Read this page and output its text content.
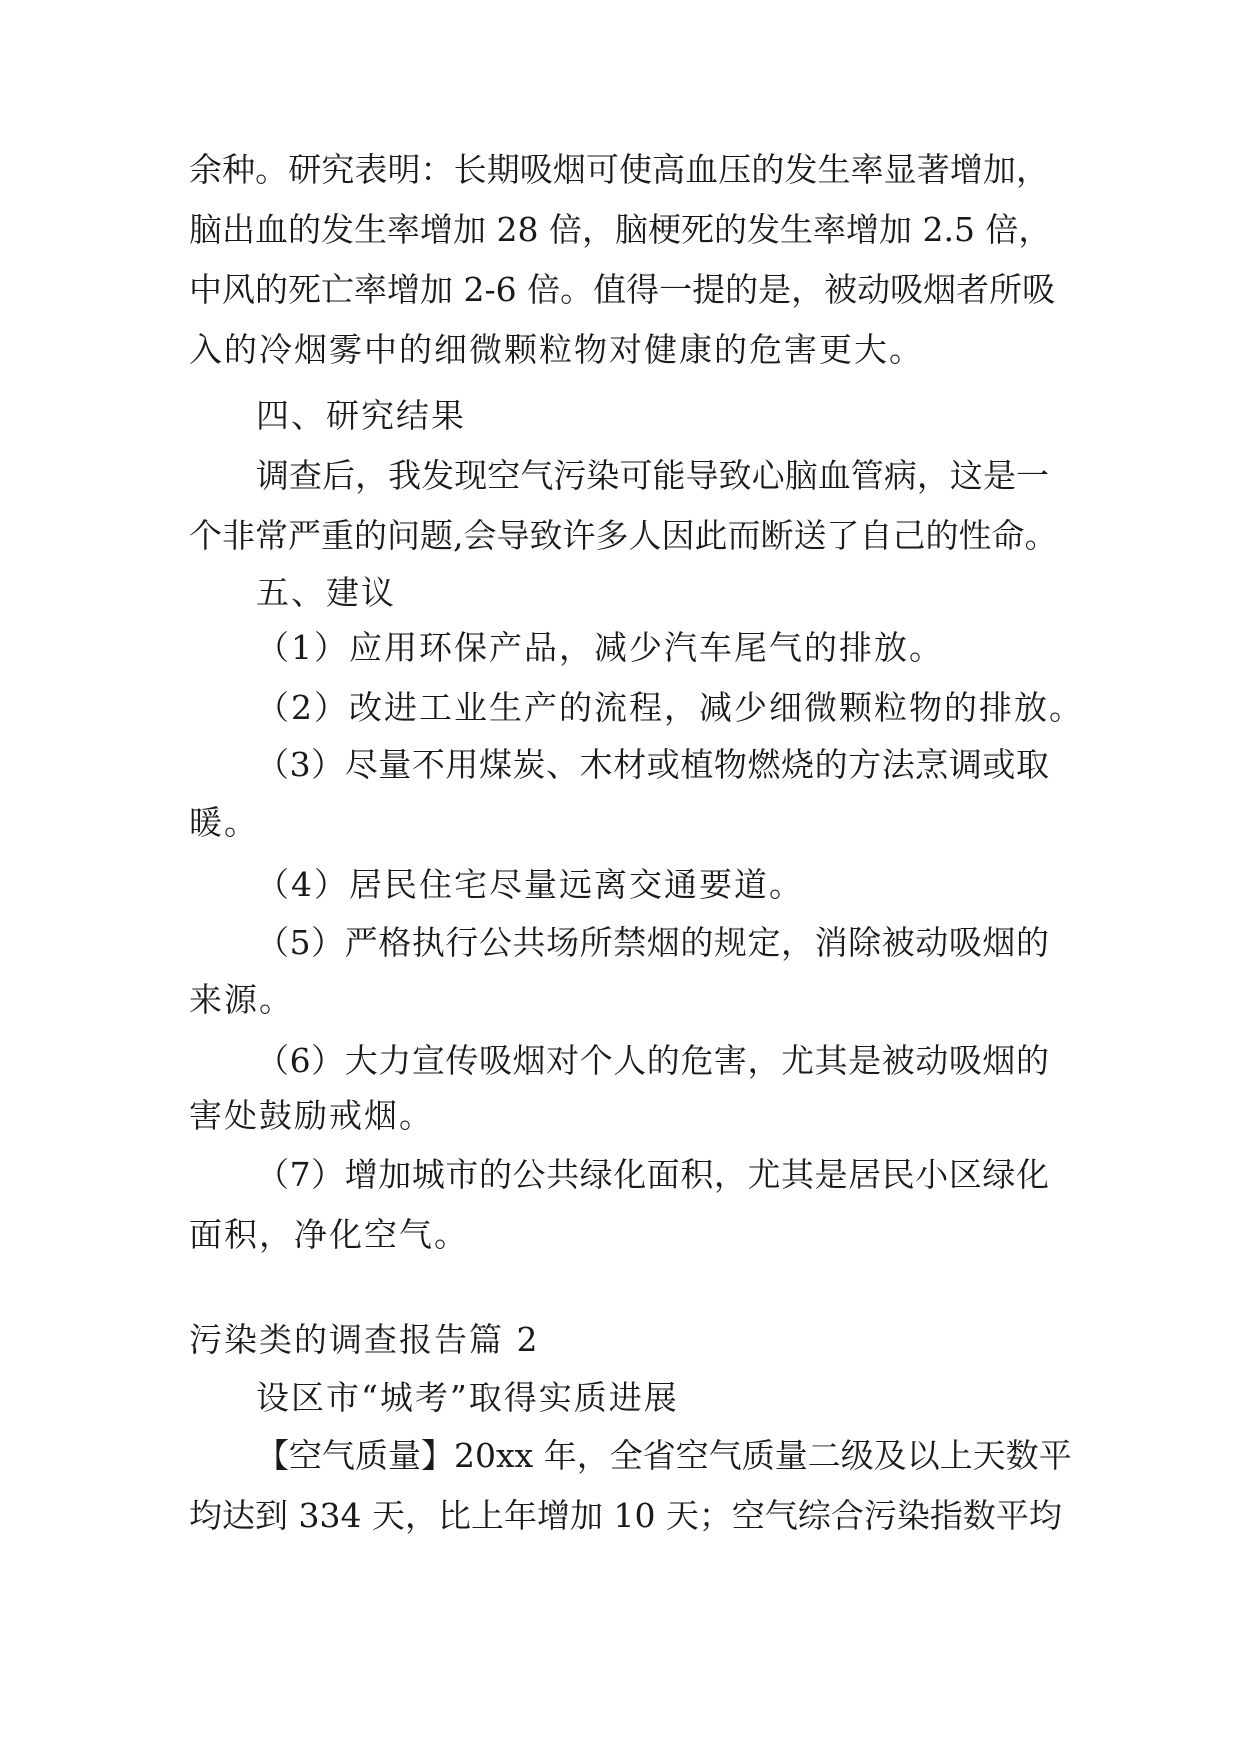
余种。研究表明：长期吸烟可使高血压的发生率显著增加，
脑出血的发生率增加 28 倍，脑梗死的发生率增加 2.5 倍，
中风的死亡率增加 2-6 倍。值得一提的是，被动吸烟者所吸
入的冷烟雾中的细微颗粒物对健康的危害更大。
四、研究结果
调查后，我发现空气污染可能导致心脑血管病，这是一
个非常严重的问题,会导致许多人因此而断送了自己的性命。
五、建议
（1）应用环保产品，减少汽车尾气的排放。
（2）改进工业生产的流程，减少细微颗粒物的排放。
（3）尽量不用煤炭、木材或植物燃烧的方法烹调或取
暖。
（4）居民住宅尽量远离交通要道。
（5）严格执行公共场所禁烟的规定，消除被动吸烟的
来源。
（6）大力宣传吸烟对个人的危害，尤其是被动吸烟的
害处鼓励戒烟。
（7）增加城市的公共绿化面积，尤其是居民小区绿化
面积，净化空气。
污染类的调查报告篇 2
设区市“城考”取得实质进展
【空气质量】20xx 年，全省空气质量二级及以上天数平
均达到 334 天，比上年增加 10 天；空气综合污染指数平均
